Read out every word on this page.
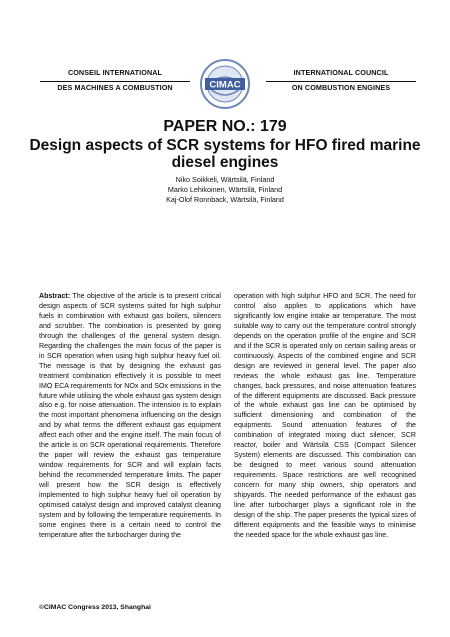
CONSEIL INTERNATIONAL
DES MACHINES A COMBUSTION	CIMAC
INTERNATIONAL COUNCIL
ON COMBUSTION ENGINES
PAPER NO.: 179
Design aspects of SCR systems for HFO fired marine diesel engines
Niko Soikkeli, Wärtsilä, Finland
Marko Lehikoinen, Wärtsilä, Finland
Kaj-Olof Ronnback, Wärtsilä, Finland
Abstract: The objective of the article is to present critical design aspects of SCR systems suited for high sulphur fuels in combination with exhaust gas boilers, silencers and scrubber. The combination is presented by going through the challenges of the general system design. Regarding the challenges the main focus of the paper is in SCR operation when using high sulphur heavy fuel oil. The message is that by designing the exhaust gas treatment combination effectively it is possible to meet IMO ECA requirements for NOx and SOx emissions in the future while utilising the whole exhaust gas system design also e.g. for noise attenuation. The intension is to explain the most important phenomena influencing on the design and by what terms the different exhaust gas equipment affect each other and the engine itself. The main focus of the article is on SCR operational requirements. Therefore the paper will review the exhaust gas temperature window requirements for SCR and will explain facts behind the recommended temperature limits. The paper will present how the SCR design is effectively implemented to high sulphur heavy fuel oil operation by optimised catalyst design and improved catalyst cleaning system and by following the temperature requirements. In some engines there is a certain need to control the temperature after the turbocharger during the
operation with high sulphur HFO and SCR. The need for control also applies to applications which have significantly low engine intake air temperature. The most suitable way to carry out the temperature control strongly depends on the operation profile of the engine and SCR and if the SCR is operated only on certain sailing areas or continuously. Aspects of the combined engine and SCR design are reviewed in general level. The paper also reviews the whole exhaust gas line. Temperature changes, back pressures, and noise attenuation features of the different equipments are discussed. Back pressure of the whole exhaust gas line can be optimised by sufficient dimensioning and combination of the equipments. Sound attenuation features of the combination of integrated mixing duct silencer, SCR reactor, boiler and Wärtsilä CSS (Compact Silencer System) elements are discussed. This combination can be designed to meet various sound attenuation requirements. Space restrictions are well recognised concern for many ship owners, ship operators and shipyards. The needed performance of the exhaust gas line after turbocharger plays a significant role in the design of the ship. The paper presents the typical sizes of different equipments and the feasible ways to minimise the needed space for the whole exhaust gas line.
©CIMAC Congress 2013, Shanghai
